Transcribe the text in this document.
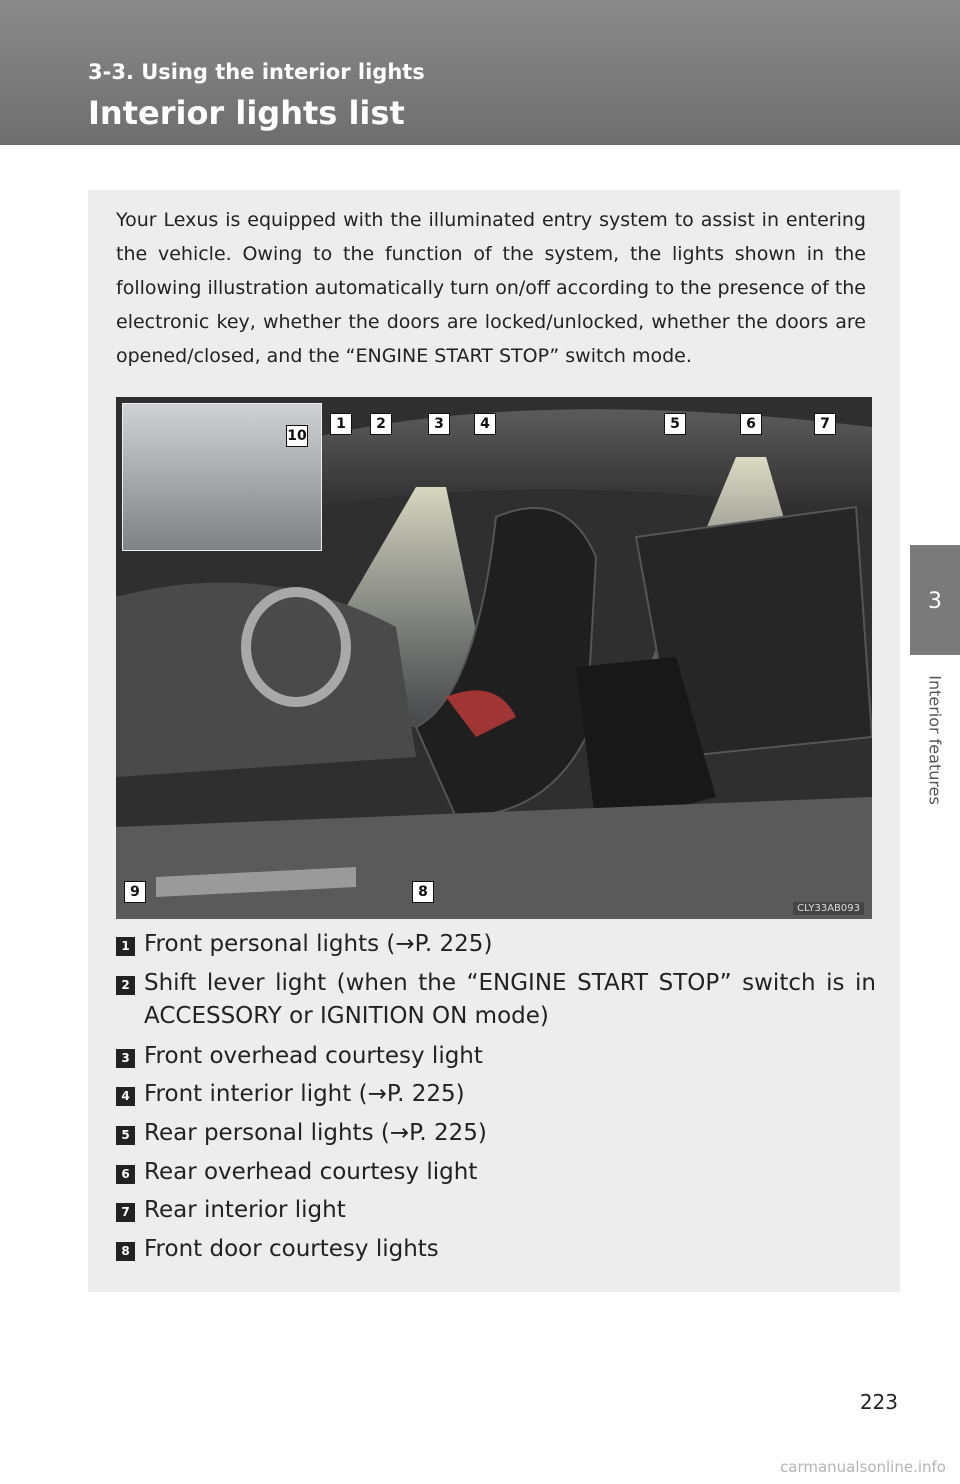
3-3. Using the interior lights
Interior lights list
3
Interior features
Your Lexus is equipped with the illuminated entry system to assist in entering the vehicle. Owing to the function of the system, the lights shown in the following illustration automatically turn on/off according to the presence of the electronic key, whether the doors are locked/unlocked, whether the doors are opened/closed, and the “ENGINE START STOP” switch mode.
1	2	3	4	5	6	7
8
9
10
CLY33AB093
1 Front personal lights (→P. 225)
2 Shift lever light (when the “ENGINE START STOP” switch is in ACCESSORY or IGNITION ON mode)
3 Front overhead courtesy light
4 Front interior light (→P. 225)
5 Rear personal lights (→P. 225)
6 Rear overhead courtesy light
7 Rear interior light
8 Front door courtesy lights
223
carmanualsonline.info
